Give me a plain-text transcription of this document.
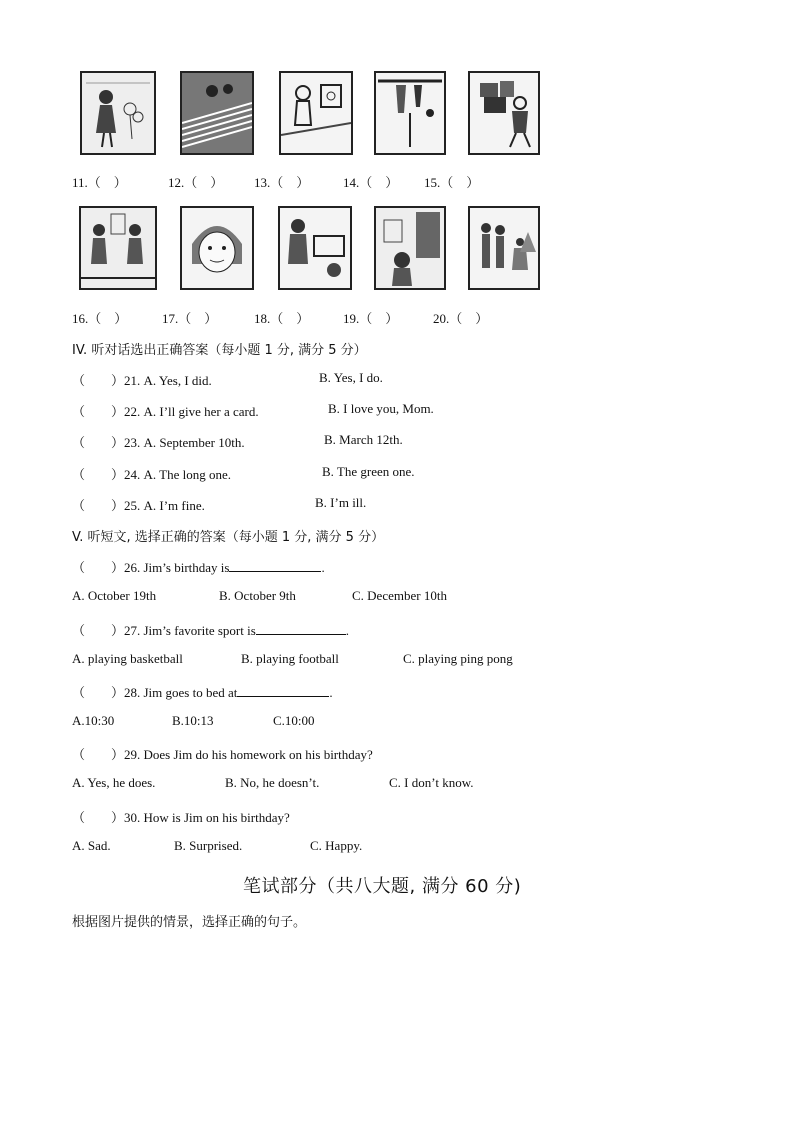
11.（　）	12.（　） 13.（　）	14.（　） 15.（　）
16.（　）	17.（　）	18.（　）	19.（　）	20.（　）
IV. 听对话选出正确答案（每小题 1 分, 满分 5 分）
（　　）21. A. Yes, I did.	B. Yes, I do.
（　　）22. A. I’ll give her a card.	B. I love you, Mom.
（　　）23. A. September 10th.	B. March 12th.
（　　）24. A. The long one.	B. The green one.
（　　）25. A. I’m fine.	B. I’m ill.
V. 听短文, 选择正确的答案（每小题 1 分, 满分 5 分）
（　　）26. Jim’s birthday is	.
A. October 19th	B. October 9th	C. December 10th
（　　）27. Jim’s favorite sport is	.
A. playing basketball	B. playing football	C. playing ping pong
（　　）28. Jim goes to bed at	.
A.10:30	B.10:13	C.10:00
（　　）29. Does Jim do his homework on his birthday?
A. Yes, he does.	B. No, he doesn’t.	C. I don’t know.
（　　）30. How is Jim on his birthday?
A. Sad.	B. Surprised.	C. Happy.
笔试部分（共八大题, 满分 60 分)
根据图片提供的情景，选择正确的句子。
